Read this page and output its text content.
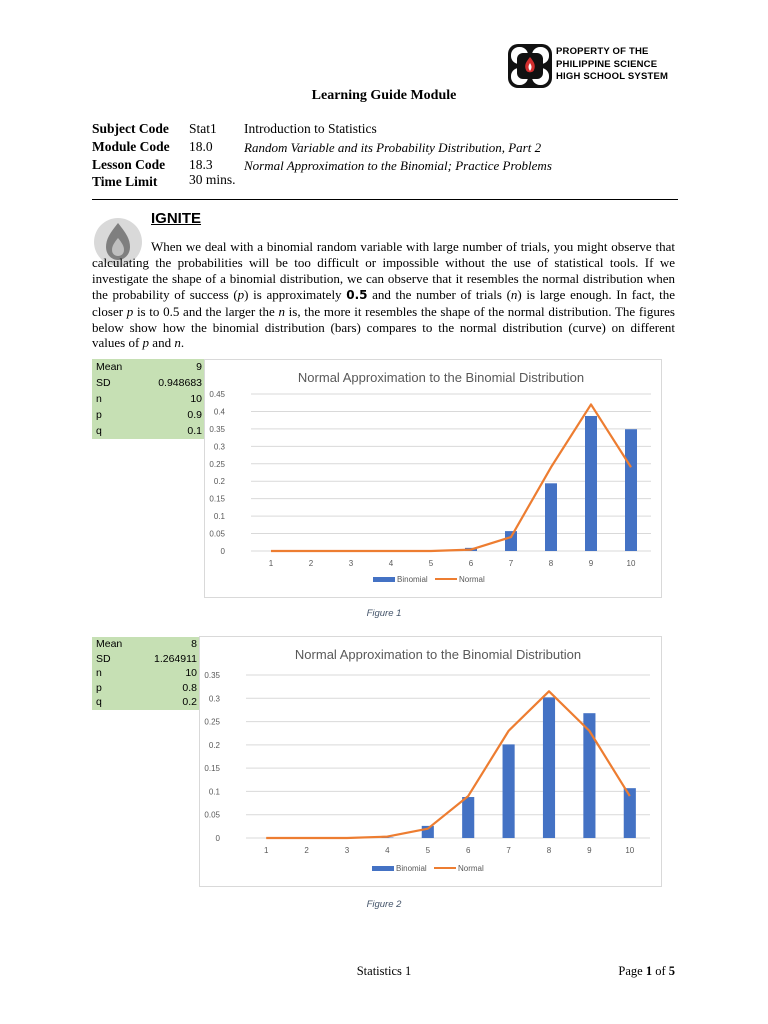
PROPERTY OF THE
PHILIPPINE SCIENCE
HIGH SCHOOL SYSTEM
Learning Guide Module
Subject Code Stat1 Introduction to Statistics
Module Code 18.0 Random Variable and its Probability Distribution, Part 2
Lesson Code 18.3 Normal Approximation to the Binomial; Practice Problems
Time Limit 30 mins.
IGNITE
When we deal with a binomial random variable with large number of trials, you might observe that calculating the probabilities will be too difficult or impossible without the use of statistical tools. If we investigate the shape of a binomial distribution, we can observe that it resembles the normal distribution when the probability of success (p) is approximately 0.5 and the number of trials (n) is large enough. In fact, the closer p is to 0.5 and the larger the n is, the more it resembles the shape of the normal distribution. The figures below show how the binomial distribution (bars) compares to the normal distribution (curve) on different values of p and n.
Mean	9
SD	0.948683
n	10
p	0.9
q	0.1
Normal Approximation to the Binomial Distribution
0
0.05
0.1
0.15
0.2
0.25
0.3
0.35
0.4
0.45
1	2	3	4	5	6	7	8	9	10
Binomial	Normal
Figure 1
Mean	8
SD	1.264911
n	10
p	0.8
q	0.2
Normal Approximation to the Binomial Distribution
0
0.05
0.1
0.15
0.2
0.25
0.3
0.35
1	2	3	4	5	6	7	8	9	10
Binomial	Normal
Figure 2
Statistics 1	Page 1 of 5
